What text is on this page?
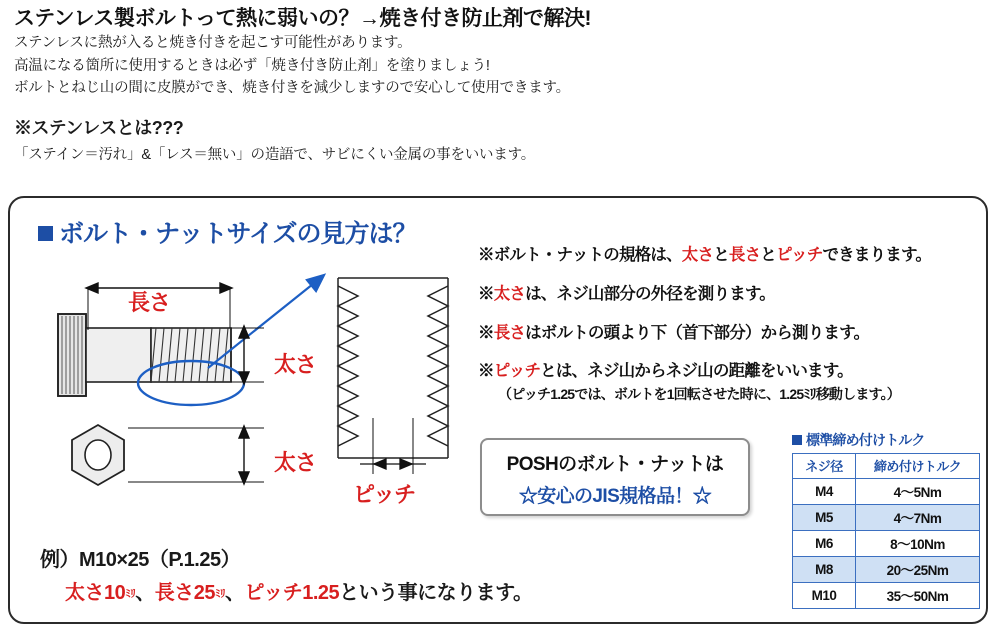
ステンレス製ボルトって熱に弱いの？→焼き付き防止剤で解決!
ステンレスに熱が入ると焼き付きを起こす可能性があります。
高温になる箇所に使用するときは必ず「焼き付き防止剤」を塗りましょう!
ボルトとねじ山の間に皮膜ができ、焼き付きを減少しますので安心して使用できます。
※ステンレスとは???
「ステイン＝汚れ」&「レス＝無い」の造語で、サビにくい金属の事をいいます。
ボルト・ナットサイズの見方は？
※ボルト・ナットの規格は、太さと長さとピッチできまります。
※太さは、ネジ山部分の外径を測ります。
※長さはボルトの頭より下（首下部分）から測ります。
※ピッチとは、ネジ山からネジ山の距離をいいます。
（ピッチ1.25では、ボルトを1回転させた時に、1.25ﾐﾘ移動します。）
長さ
太さ
太さ
ピッチ
例）M10×25（P.1.25）
太さ10ﾐﾘ、長さ25ﾐﾘ、ピッチ1.25という事になります。
POSHのボルト・ナットは
☆安心のJIS規格品！☆
標準締め付けトルク
ネジ径	締め付けトルク
M4	4～5Nm
M5	4～7Nm
M6	8～10Nm
M8	20～25Nm
M10	35～50Nm
